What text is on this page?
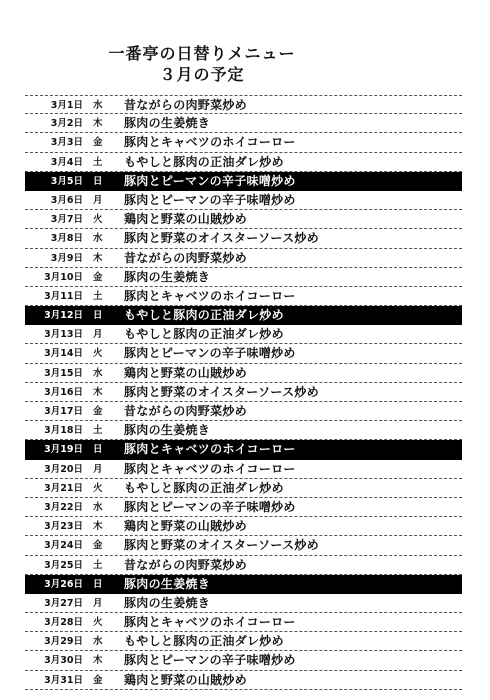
一番亭の日替りメニュー
３月の予定
3月1日 水	昔ながらの肉野菜炒め
3月2日 木	豚肉の生姜焼き
3月3日 金	豚肉とキャベツのホイコーロー
3月4日 土	もやしと豚肉の正油ダレ炒め
3月5日 日	豚肉とピーマンの辛子味噌炒め
3月6日 月	豚肉とピーマンの辛子味噌炒め
3月7日 火	鶏肉と野菜の山賊炒め
3月8日 水	豚肉と野菜のオイスターソース炒め
3月9日 木	昔ながらの肉野菜炒め
3月10日 金	豚肉の生姜焼き
3月11日 土	豚肉とキャベツのホイコーロー
3月12日 日	もやしと豚肉の正油ダレ炒め
3月13日 月	もやしと豚肉の正油ダレ炒め
3月14日 火	豚肉とピーマンの辛子味噌炒め
3月15日 水	鶏肉と野菜の山賊炒め
3月16日 木	豚肉と野菜のオイスターソース炒め
3月17日 金	昔ながらの肉野菜炒め
3月18日 土	豚肉の生姜焼き
3月19日 日	豚肉とキャベツのホイコーロー
3月20日 月	豚肉とキャベツのホイコーロー
3月21日 火	もやしと豚肉の正油ダレ炒め
3月22日 水	豚肉とピーマンの辛子味噌炒め
3月23日 木	鶏肉と野菜の山賊炒め
3月24日 金	豚肉と野菜のオイスターソース炒め
3月25日 土	昔ながらの肉野菜炒め
3月26日 日	豚肉の生姜焼き
3月27日 月	豚肉の生姜焼き
3月28日 火	豚肉とキャベツのホイコーロー
3月29日 水	もやしと豚肉の正油ダレ炒め
3月30日 木	豚肉とピーマンの辛子味噌炒め
3月31日 金	鶏肉と野菜の山賊炒め
